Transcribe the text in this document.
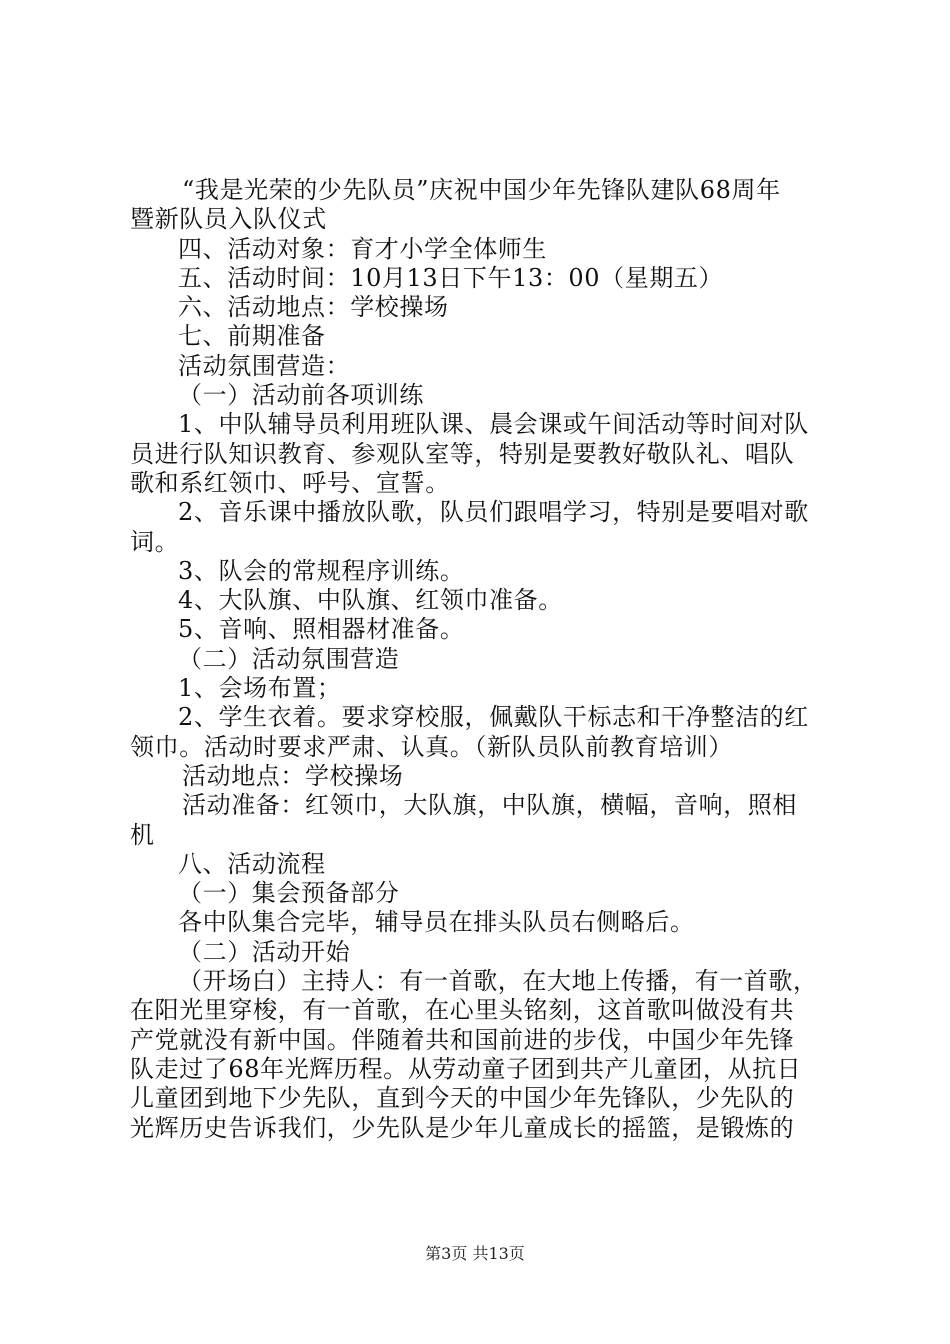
“我是光荣的少先队员”庆祝中国少年先锋队建队68周年
暨新队员入队仪式
四、活动对象：育才小学全体师生
五、活动时间：10月13日下午13：00（星期五）
六、活动地点：学校操场
七、前期准备
活动氛围营造：
（一）活动前各项训练
1、中队辅导员利用班队课、晨会课或午间活动等时间对队
员进行队知识教育、参观队室等，特别是要教好敬队礼、唱队
歌和系红领巾、呼号、宣誓。
2、音乐课中播放队歌，队员们跟唱学习，特别是要唱对歌
词。
3、队会的常规程序训练。
4、大队旗、中队旗、红领巾准备。
5、音响、照相器材准备。
（二）活动氛围营造
1、会场布置；
2、学生衣着。要求穿校服，佩戴队干标志和干净整洁的红
领巾。活动时要求严肃、认真。（新队员队前教育培训）
活动地点：学校操场
活动准备：红领巾，大队旗，中队旗，横幅，音响，照相
机
八、活动流程
（一）集会预备部分
各中队集合完毕，辅导员在排头队员右侧略后。
（二）活动开始
（开场白）主持人：有一首歌，在大地上传播，有一首歌，
在阳光里穿梭，有一首歌，在心里头铭刻，这首歌叫做没有共
产党就没有新中国。伴随着共和国前进的步伐，中国少年先锋
队走过了68年光辉历程。从劳动童子团到共产儿童团，从抗日
儿童团到地下少先队，直到今天的中国少年先锋队，少先队的
光辉历史告诉我们，少先队是少年儿童成长的摇篮，是锻炼的
第3页 共13页
